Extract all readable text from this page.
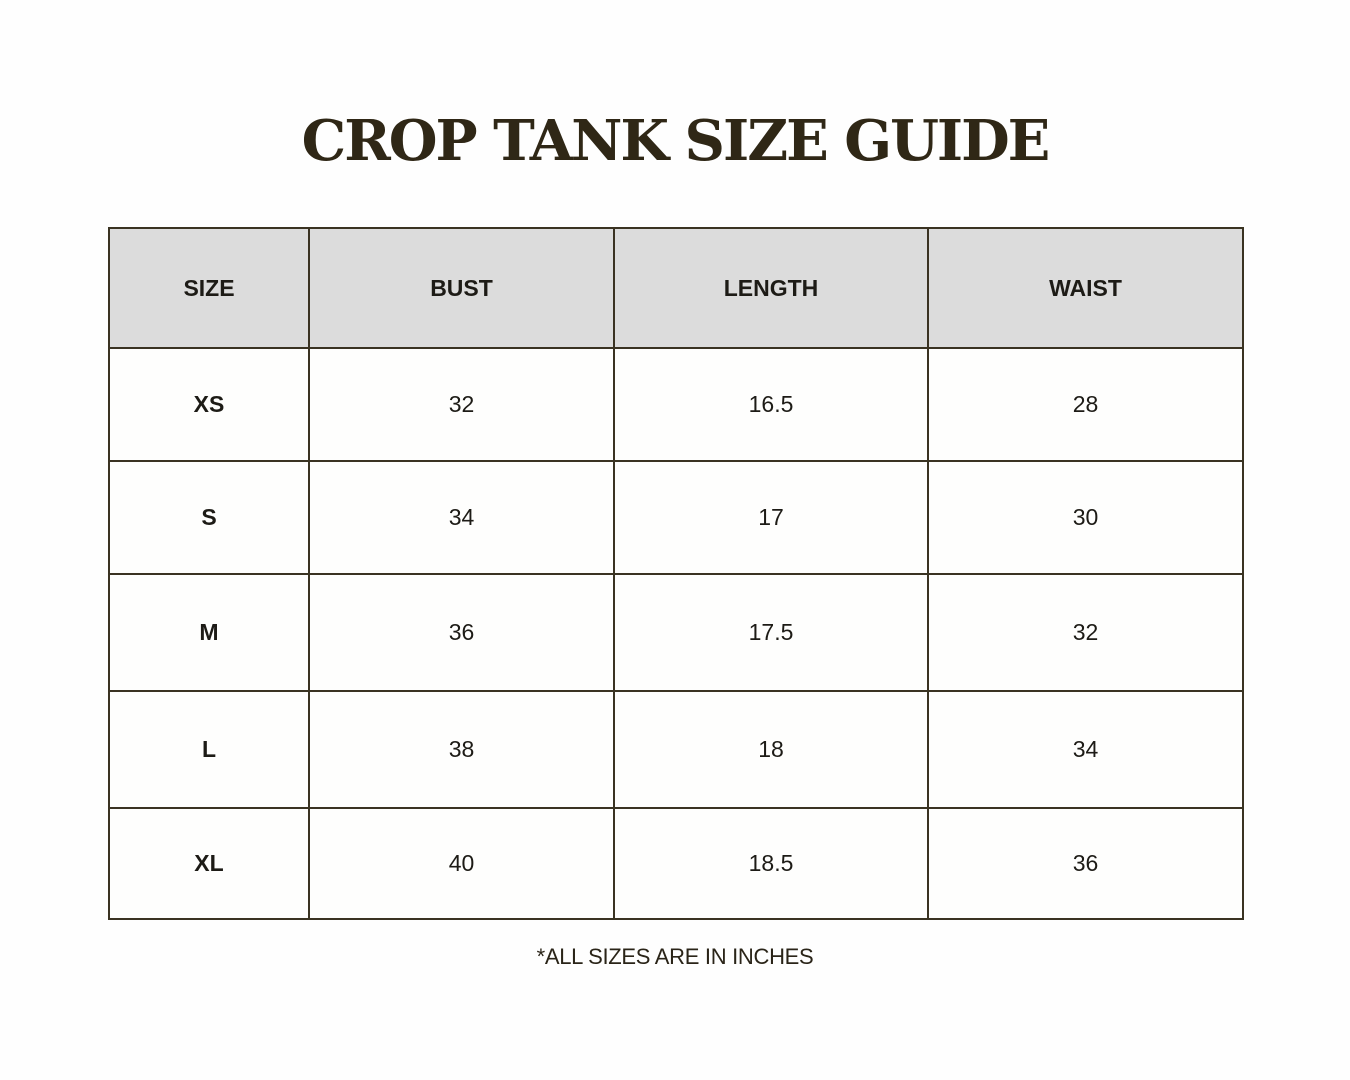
CROP TANK SIZE GUIDE
SIZE	BUST	LENGTH	WAIST
XS	32	16.5	28
S	34	17	30
M	36	17.5	32
L	38	18	34
XL	40	18.5	36
*ALL SIZES ARE IN INCHES
